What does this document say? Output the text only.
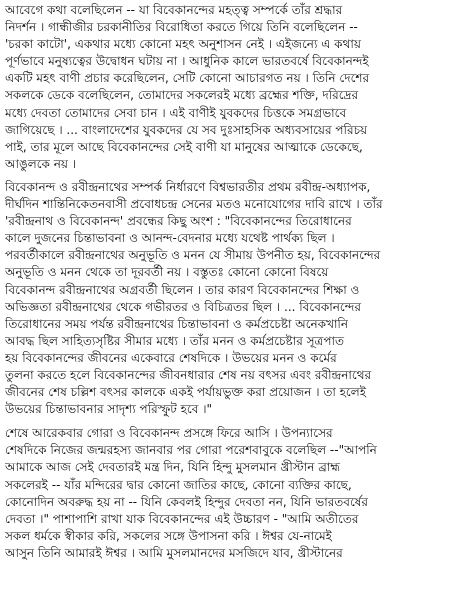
আবেগে কথা বলেছিলেন -- যা বিবেকানন্দের মহত্ত্ব সম্পর্কে তাঁর শ্রদ্ধার
নিদর্শন । গান্ধীজীর চরকানীতির বিরোধিতা করতে গিয়ে তিনি বলেছিলেন --
'চরকা কাটো', একথার মধ্যে কোনো মহৎ অনুশাসন নেই । এইজন্যে এ কথায়
পূর্ণভাবে মনুষ্যত্বের উদ্বোধন ঘটায় না । আধুনিক কালে ভারতবর্ষে বিবেকানন্দই
একটি মহৎ বাণী প্রচার করেছিলেন, সেটি কোনো আচারগত নয় । তিনি দেশের
সকলকে ডেকে বলেছিলেন, তোমাদের সকলেরই মধ্যে ব্রহ্মের শক্তি, দরিদ্রের
মধ্যে দেবতা তোমাদের সেবা চান । এই বাণীই যুবকদের চিত্তকে সমগ্রভাবে
জাগিয়েছে । ... বাংলাদেশের যুবকদের যে সব দুঃসাহসিক অধ্যবসায়ের পরিচয়
পাই, তার মূলে আছে বিবেকানন্দের সেই বাণী যা মানুষের আত্মাকে ডেকেছে,
আঙুলকে নয় ।
বিবেকানন্দ ও রবীন্দ্রনাথের সম্পর্ক নির্ধারণে বিশ্বভারতীর প্রথম রবীন্দ্র-অধ্যাপক,
দীর্ঘদিন শান্তিনিকেতনবাসী প্রবোধচন্দ্র সেনের মতও মনোযোগের দাবি রাখে । তাঁর
'রবীন্দ্রনাথ ও বিবেকানন্দ' প্রবন্ধের কিছু অংশ : "বিবেকানন্দের তিরোধানের
কালে দুজনের চিন্তাভাবনা ও আনন্দ-বেদনার মধ্যে যথেষ্ট পার্থক্য ছিল ।
পরবর্তীকালে রবীন্দ্রনাথের অনুভূতি ও মনন যে সীমায় উপনীত হয়, বিবেকানন্দের
অনুভূতি ও মনন থেকে তা দূরবর্তী নয় । বস্তুতঃ কোনো কোনো বিষয়ে
বিবেকানন্দ রবীন্দ্রনাথের অগ্রবর্তী ছিলেন । তার কারণ বিবেকানন্দের শিক্ষা ও
অভিজ্ঞতা রবীন্দ্রনাথের থেকে গভীরতর ও বিচিত্রতর ছিল । ... বিবেকানন্দের
তিরোধানের সময় পর্যন্ত রবীন্দ্রনাথের চিন্তাভাবনা ও কর্মপ্রচেষ্টা অনেকখানি
আবদ্ধ ছিল সাহিত্যসৃষ্টির সীমার মধ্যে । তাঁর মনন ও কর্মপ্রচেষ্টার সূত্রপাত
হয় বিবেকানন্দের জীবনের একেবারে শেষদিকে । উভয়ের মনন ও কর্মের
তুলনা করতে হলে বিবেকানন্দের জীবনধারার শেষ নয় বৎসর এবং রবীন্দ্রনাথের
জীবনের শেষ চল্লিশ বৎসর কালকে একই পর্যায়ভুক্ত করা প্রয়োজন । তা হলেই
উভয়ের চিন্তাভাবনার সাদৃশ্য পরিস্ফুট হবে ।"
শেষে আরেকবার গোরা ও বিবেকানন্দ প্রসঙ্গে ফিরে আসি । উপন্যাসের
শেষদিকে নিজের জন্মরহস্য জানবার পর গোরা পরেশবাবুকে বলেছিল --"আপনি
আমাকে আজ সেই দেবতারই মন্ত্র দিন, যিনি হিন্দু মুসলমান খ্রীস্টান ব্রাহ্ম
সকলেরই -- যাঁর মন্দিরের দ্বার কোনো জাতির কাছে, কোনো ব্যক্তির কাছে,
কোনোদিন অবরুদ্ধ হয় না -- যিনি কেবলই হিন্দুর দেবতা নন, যিনি ভারতবর্ষের
দেবতা ।" পাশাপাশি রাখা যাক বিবেকানন্দের এই উচ্চারণ - "আমি অতীতের
সকল ধর্মকে স্বীকার করি, সকলের সঙ্গে উপাসনা করি । ঈশ্বর যে-নামেই
আসুন তিনি আমারই ঈশ্বর । আমি মুসলমানদের মসজিদে যাব, খ্রীস্টানের
